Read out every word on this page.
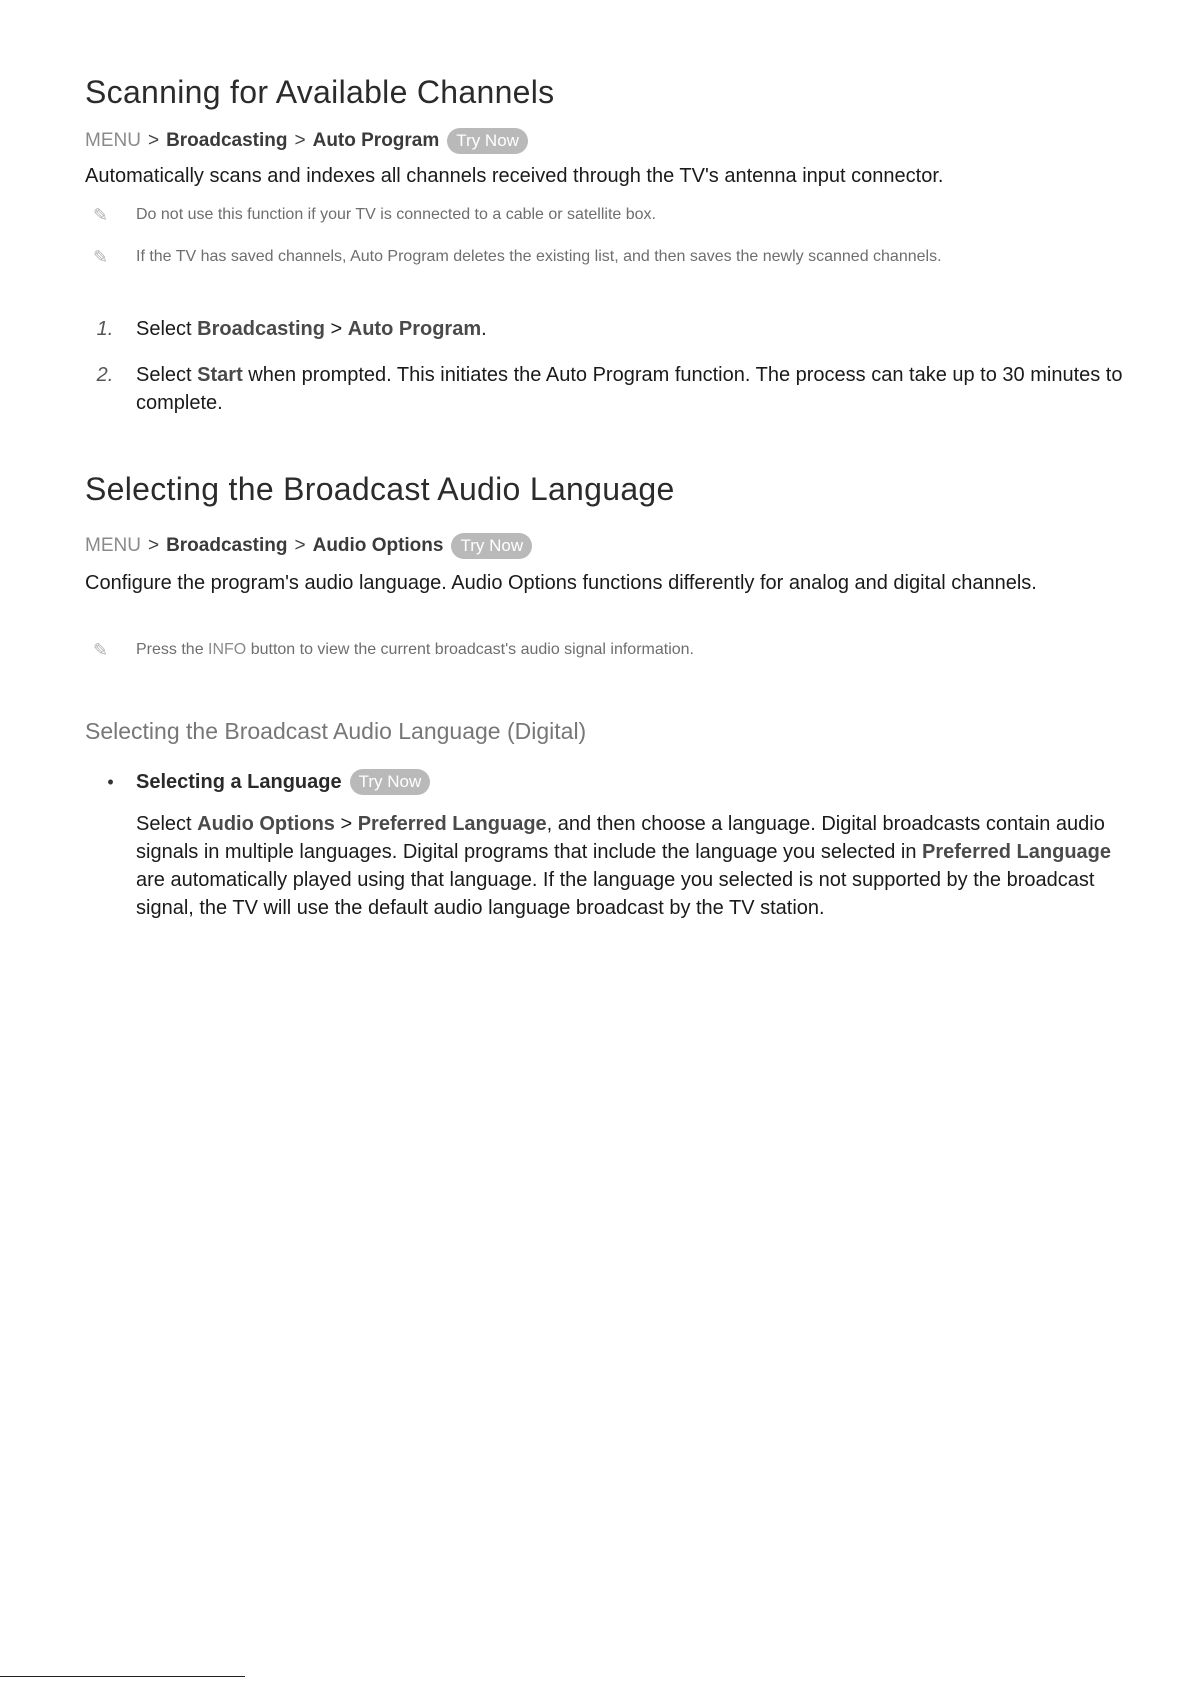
Scanning for Available Channels
MENU > Broadcasting > Auto Program	Try Now

Automatically scans and indexes all channels received through the TV's antenna input connector.

✎ Do not use this function if your TV is connected to a cable or satellite box.
✎ If the TV has saved channels, Auto Program deletes the existing list, and then saves the newly scanned channels.
1.	Select Broadcasting > Auto Program.
2.	Select Start when prompted. This initiates the Auto Program function. The process can take up to 30 minutes to complete.
Selecting the Broadcast Audio Language
MENU > Broadcasting > Audio Options	Try Now

Configure the program's audio language. Audio Options functions differently for analog and digital channels.

✎ Press the INFO button to view the current broadcast's audio signal information.
Selecting the Broadcast Audio Language (Digital)
•	Selecting a Language	Try Now

Select Audio Options > Preferred Language, and then choose a language. Digital broadcasts contain audio signals in multiple languages. Digital programs that include the language you selected in Preferred Language are automatically played using that language. If the language you selected is not supported by the broadcast signal, the TV will use the default audio language broadcast by the TV station.
